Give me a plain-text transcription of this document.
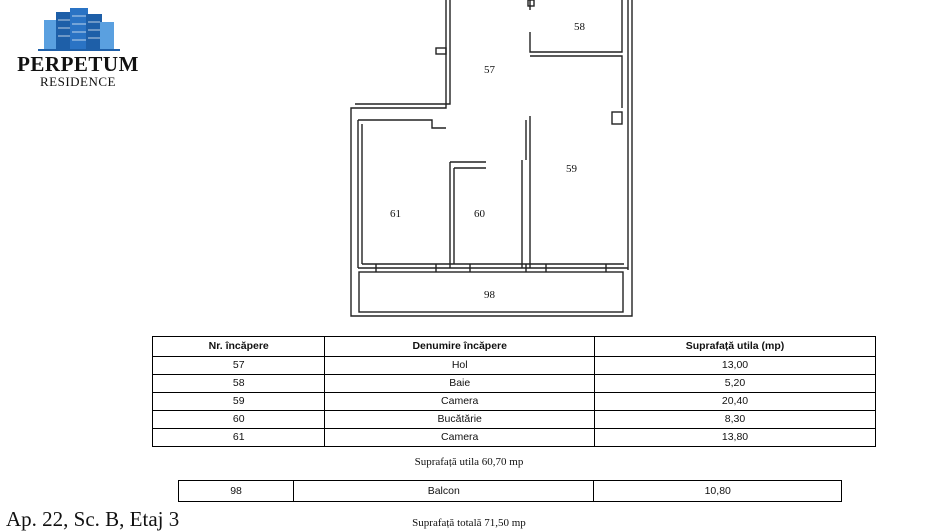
PERPETUM
RESIDENCE
57
58
59
60
61
98
Nr. încăpere	Denumire încăpere	Suprafață utila (mp)
57	Hol	13,00
58	Baie	5,20
59	Camera	20,40
60	Bucătărie	8,30
61	Camera	13,80
Suprafață utila 60,70 mp
98	Balcon	10,80
Ap. 22, Sc. B, Etaj 3	Suprafață totală 71,50 mp
